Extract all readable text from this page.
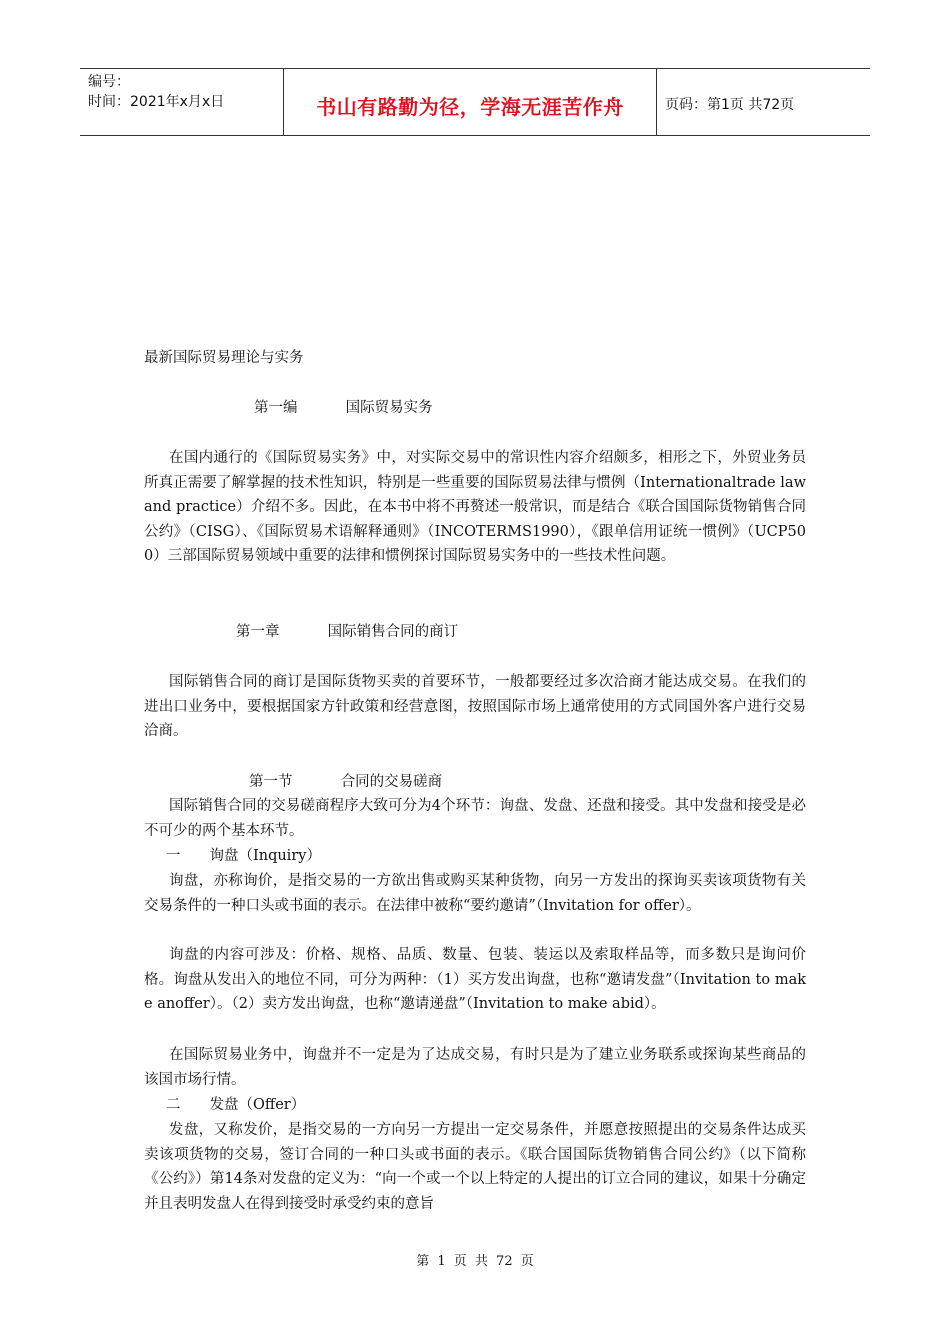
编号：
时间：2021年x月x日	书山有路勤为径，学海无涯苦作舟	页码：第1页 共72页
最新国际贸易理论与实务
第一编　　　 国际贸易实务
在国内通行的《国际贸易实务》中，对实际交易中的常识性内容介绍颇多，相形之下，外贸业务员所真正需要了解掌握的技术性知识，特别是一些重要的国际贸易法律与惯例（Internationaltrade law and practice）介绍不多。因此，在本书中将不再赘述一般常识，而是结合《联合国国际货物销售合同公约》（CISG）、《国际贸易术语解释通则》（INCOTERMS1990），《跟单信用证统一惯例》（UCP500）三部国际贸易领域中重要的法律和惯例探讨国际贸易实务中的一些技术性问题。
第一章　　　 国际销售合同的商订
国际销售合同的商订是国际货物买卖的首要环节，一般都要经过多次洽商才能达成交易。在我们的进出口业务中，要根据国家方针政策和经营意图，按照国际市场上通常使用的方式同国外客户进行交易洽商。
第一节　　　 合同的交易磋商
国际销售合同的交易磋商程序大致可分为4个环节：询盘、发盘、还盘和接受。其中发盘和接受是必不可少的两个基本环节。
一　　询盘（Inquiry）
询盘，亦称询价，是指交易的一方欲出售或购买某种货物，向另一方发出的探询买卖该项货物有关交易条件的一种口头或书面的表示。在法律中被称“要约邀请”（Invitation for offer）。
询盘的内容可涉及：价格、规格、品质、数量、包装、装运以及索取样品等，而多数只是询问价格。询盘从发出入的地位不同，可分为两种：（1）买方发出询盘，也称“邀请发盘”（Invitation to make anoffer）。（2）卖方发出询盘，也称“邀请递盘”（Invitation to make abid）。
在国际贸易业务中，询盘并不一定是为了达成交易，有时只是为了建立业务联系或探询某些商品的该国市场行情。
二　　发盘（Offer）
发盘，又称发价，是指交易的一方向另一方提出一定交易条件，并愿意按照提出的交易条件达成买卖该项货物的交易，签订合同的一种口头或书面的表示。《联合国国际货物销售合同公约》（以下简称《公约》）第14条对发盘的定义为：“向一个或一个以上特定的人提出的订立合同的建议，如果十分确定并且表明发盘人在得到接受时承受约束的意旨
第 1 页 共 72 页
